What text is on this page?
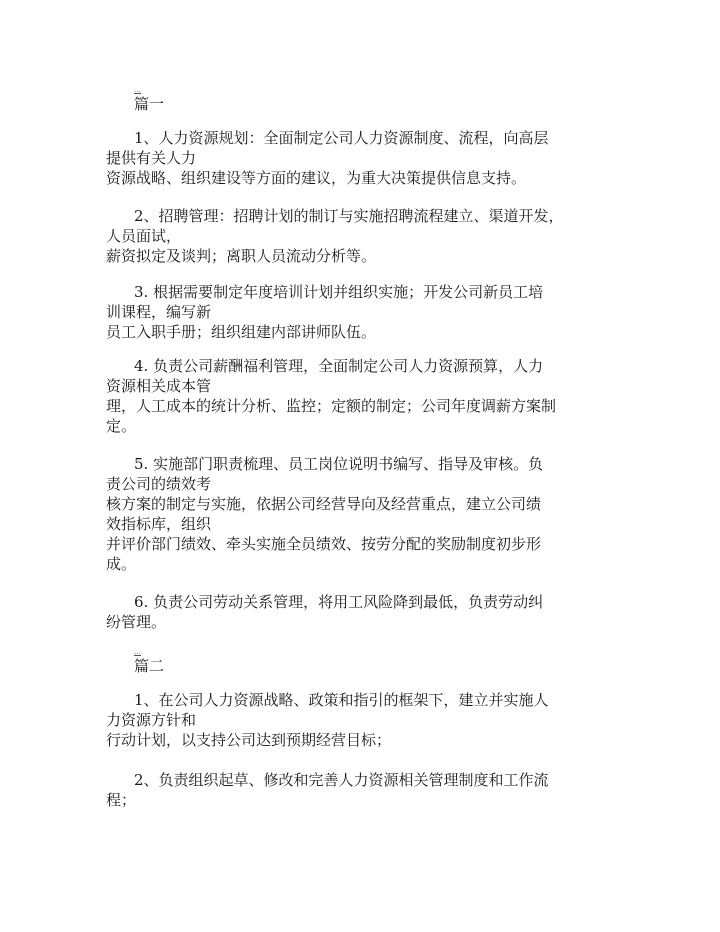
…
篇一
1、人力资源规划：全面制定公司人力资源制度、流程，向高层
提供有关人力
资源战略、组织建设等方面的建议，为重大决策提供信息支持。
2、招聘管理：招聘计划的制订与实施招聘流程建立、渠道开发，
人员面试，
薪资拟定及谈判；离职人员流动分析等。
3. 根据需要制定年度培训计划并组织实施；开发公司新员工培
训课程，编写新
员工入职手册；组织组建内部讲师队伍。
4. 负责公司薪酬福利管理，全面制定公司人力资源预算，人力
资源相关成本管
理，人工成本的统计分析、监控；定额的制定；公司年度调薪方案制
定。
5. 实施部门职责梳理、员工岗位说明书编写、指导及审核。负
责公司的绩效考
核方案的制定与实施，依据公司经营导向及经营重点，建立公司绩
效指标库，组织
并评价部门绩效、牵头实施全员绩效、按劳分配的奖励制度初步形
成。
6. 负责公司劳动关系管理，将用工风险降到最低，负责劳动纠
纷管理。
…
篇二
1、在公司人力资源战略、政策和指引的框架下，建立并实施人
力资源方针和
行动计划，以支持公司达到预期经营目标；
2、负责组织起草、修改和完善人力资源相关管理制度和工作流
程；
